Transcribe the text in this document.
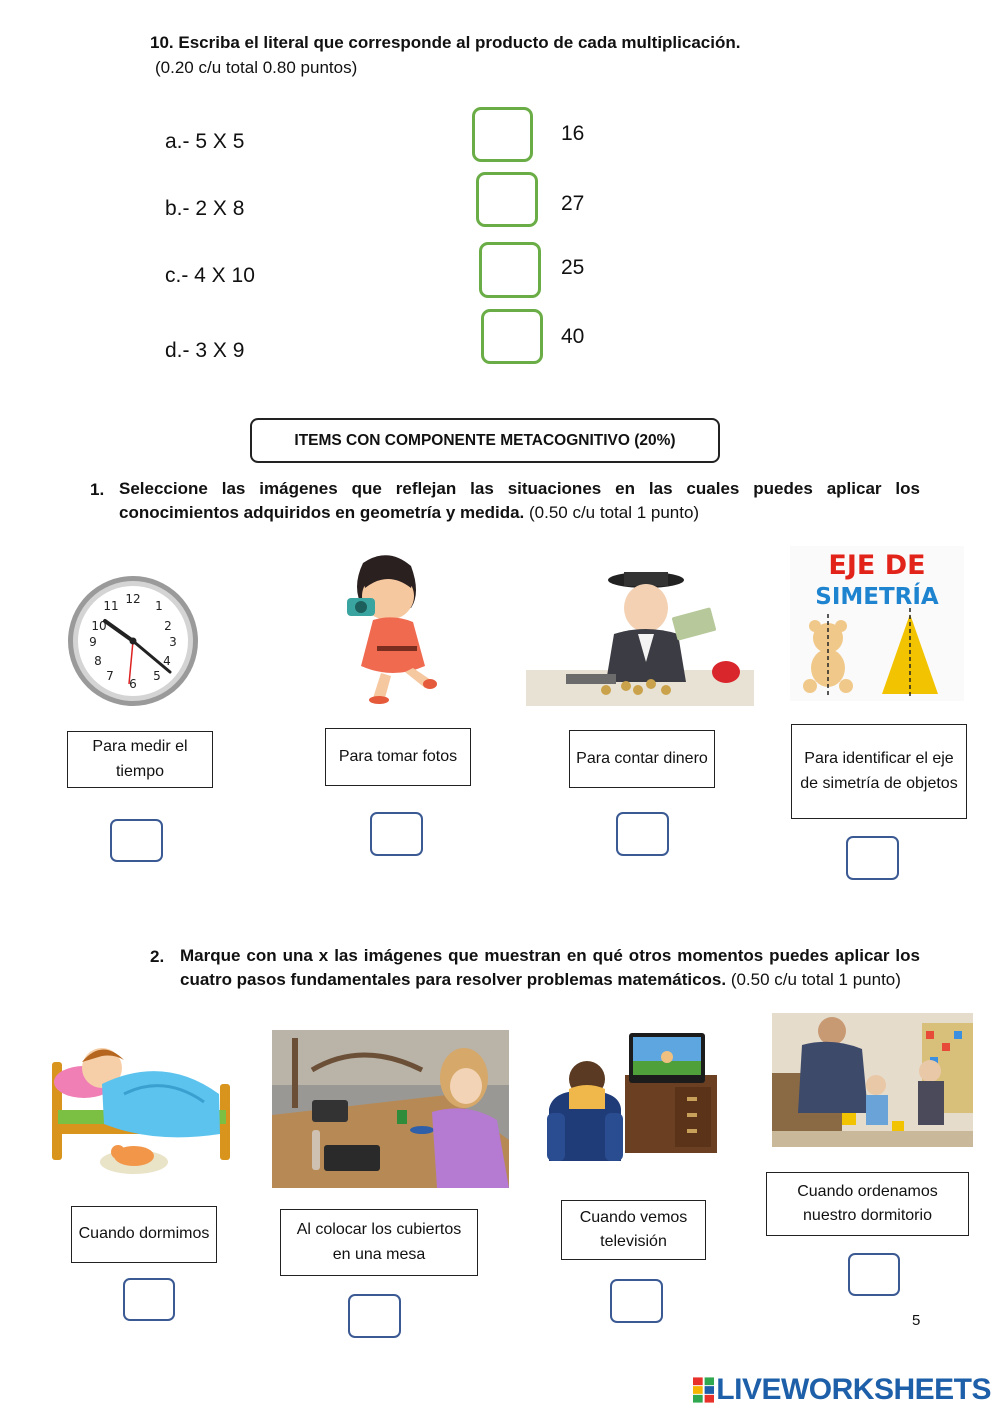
10. Escriba el literal que corresponde al producto de cada multiplicación.
(0.20 c/u total 0.80 puntos)
a.- 5 X 5
b.- 2 X 8
c.- 4 X 10
d.- 3 X 9
16
27
25
40
ITEMS CON COMPONENTE METACOGNITIVO (20%)
1. Seleccione las imágenes que reflejan las situaciones en las cuales puedes aplicar los conocimientos adquiridos en geometría y medida. (0.50 c/u total 1 punto)
12 1
2
3
4
5
6
7
8
9
10
11
EJE DE
SIMETRÍA
Para medir el tiempo
Para tomar fotos	Para contar dinero	Para identificar el eje de simetría de objetos
2. Marque con una x las imágenes que muestran en qué otros momentos puedes aplicar los cuatro pasos fundamentales para resolver problemas matemáticos. (0.50 c/u total 1 punto)
Cuando dormimos	Al colocar los cubiertos en una mesa
Cuando vemos televisión
Cuando ordenamos nuestro dormitorio
5
LIVEWORKSHEETS
